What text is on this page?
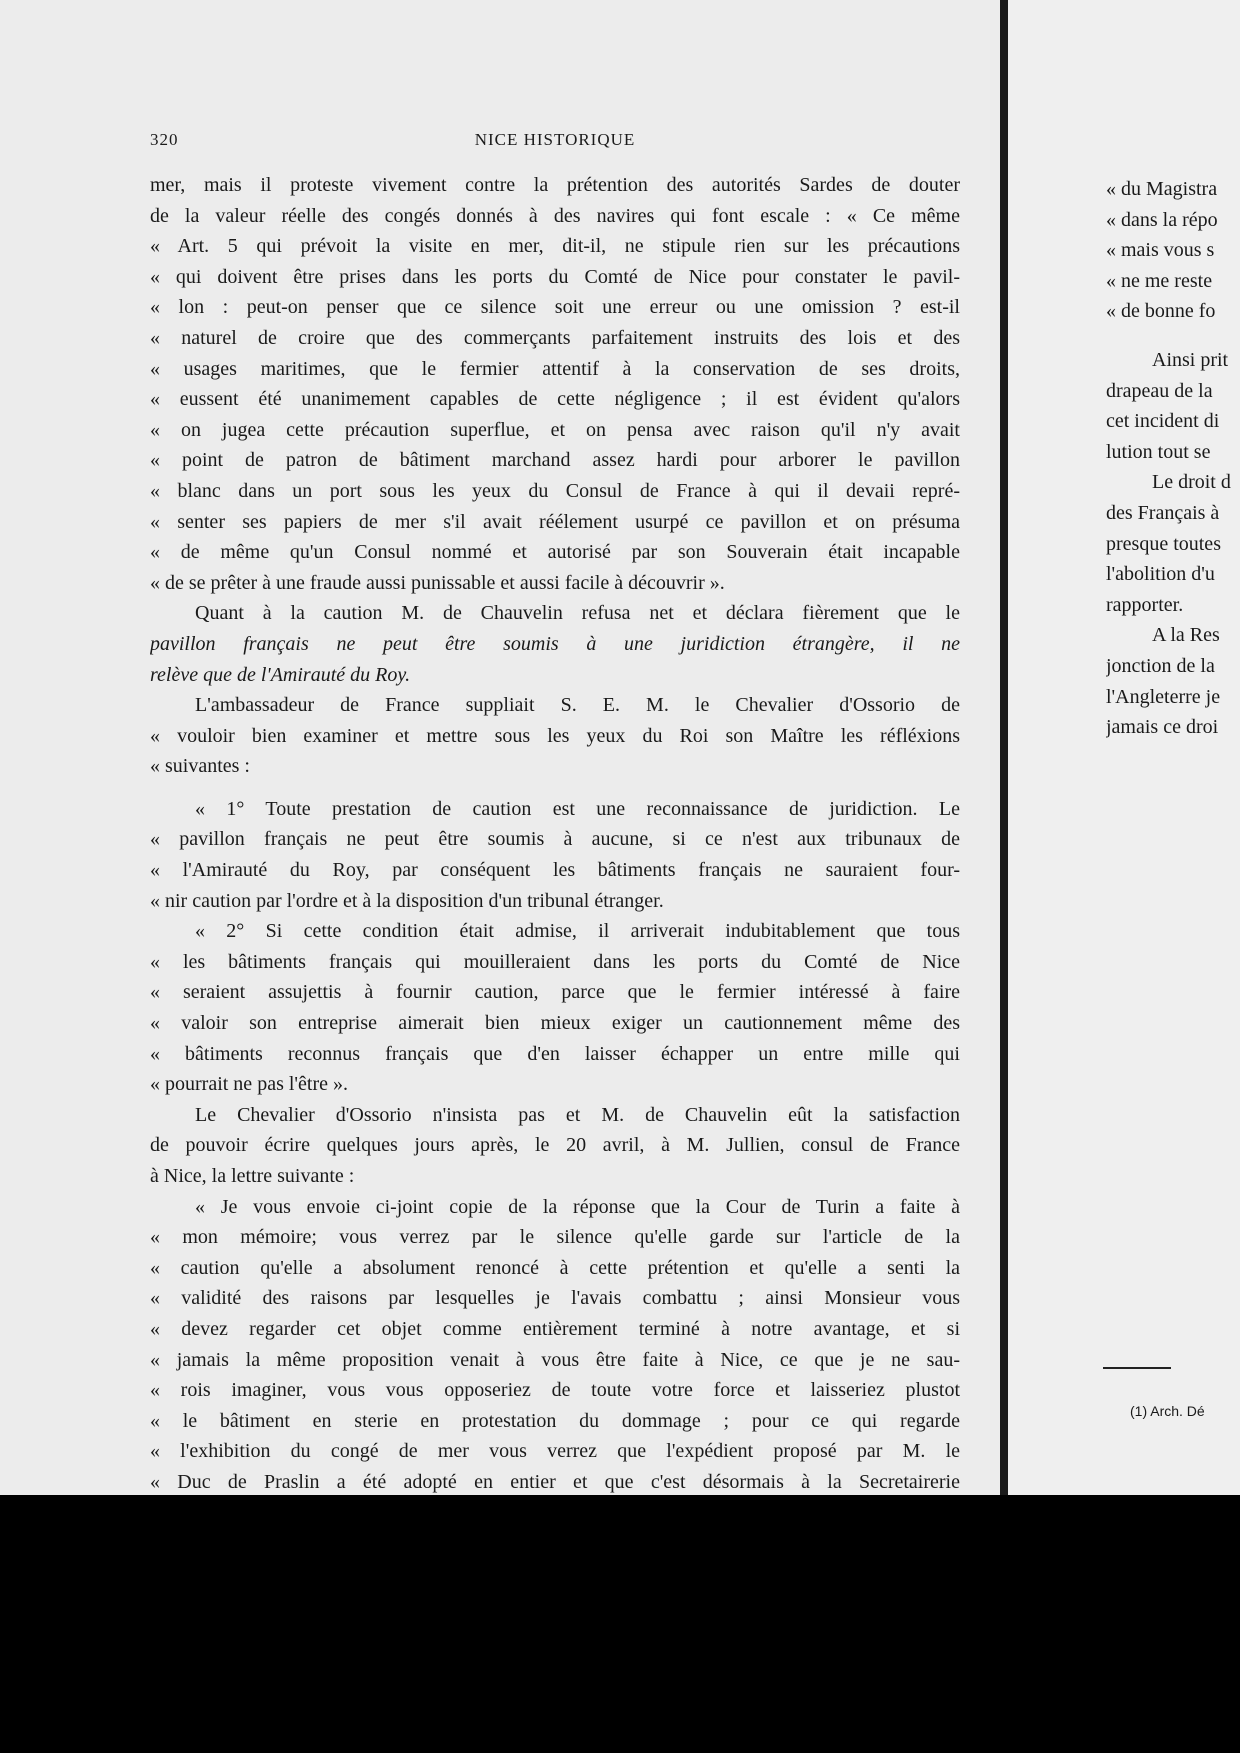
320	NICE HISTORIQUE
mer, mais il proteste vivement contre la prétention des autorités Sardes de douter
de la valeur réelle des congés donnés à des navires qui font escale : « Ce même
« Art. 5 qui prévoit la visite en mer, dit-il, ne stipule rien sur les précautions
« qui doivent être prises dans les ports du Comté de Nice pour constater le pavil-
« lon : peut-on penser que ce silence soit une erreur ou une omission ? est-il
« naturel de croire que des commerçants parfaitement instruits des lois et des
« usages maritimes, que le fermier attentif à la conservation de ses droits,
« eussent été unanimement capables de cette négligence ; il est évident qu'alors
« on jugea cette précaution superflue, et on pensa avec raison qu'il n'y avait
« point de patron de bâtiment marchand assez hardi pour arborer le pavillon
« blanc dans un port sous les yeux du Consul de France à qui il devaii repré-
« senter ses papiers de mer s'il avait réélement usurpé ce pavillon et on présuma
« de même qu'un Consul nommé et autorisé par son Souverain était incapable
« de se prêter à une fraude aussi punissable et aussi facile à découvrir ».
Quant à la caution M. de Chauvelin refusa net et déclara fièrement que le
pavillon français ne peut être soumis à une juridiction étrangère, il ne
relève que de l'Amirauté du Roy.
L'ambassadeur de France suppliait S. E. M. le Chevalier d'Ossorio de
« vouloir bien examiner et mettre sous les yeux du Roi son Maître les réfléxions
« suivantes :
« 1° Toute prestation de caution est une reconnaissance de juridiction. Le
« pavillon français ne peut être soumis à aucune, si ce n'est aux tribunaux de
« l'Amirauté du Roy, par conséquent les bâtiments français ne sauraient four-
« nir caution par l'ordre et à la disposition d'un tribunal étranger.
« 2° Si cette condition était admise, il arriverait indubitablement que tous
« les bâtiments français qui mouilleraient dans les ports du Comté de Nice
« seraient assujettis à fournir caution, parce que le fermier intéressé à faire
« valoir son entreprise aimerait bien mieux exiger un cautionnement même des
« bâtiments reconnus français que d'en laisser échapper un entre mille qui
« pourrait ne pas l'être ».
Le Chevalier d'Ossorio n'insista pas et M. de Chauvelin eût la satisfaction
de pouvoir écrire quelques jours après, le 20 avril, à M. Jullien, consul de France
à Nice, la lettre suivante :
« Je vous envoie ci-joint copie de la réponse que la Cour de Turin a faite à
« mon mémoire; vous verrez par le silence qu'elle garde sur l'article de la
« caution qu'elle a absolument renoncé à cette prétention et qu'elle a senti la
« validité des raisons par lesquelles je l'avais combattu ; ainsi Monsieur vous
« devez regarder cet objet comme entièrement terminé à notre avantage, et si
« jamais la même proposition venait à vous être faite à Nice, ce que je ne sau-
« rois imaginer, vous vous opposeriez de toute votre force et laisseriez plustot
« le bâtiment en sterie en protestation du dommage ; pour ce qui regarde
« l'exhibition du congé de mer vous verrez que l'expédient proposé par M. le
« Duc de Praslin a été adopté en entier et que c'est désormais à la Secretairerie
« du Magistra
« dans la répo
« mais vous s
« ne me reste
« de bonne fo
Ainsi prit
drapeau de la
cet incident di
lution tout se
Le droit d
des Français à
presque toutes
l'abolition d'u
rapporter.
A la Res
jonction de la
l'Angleterre je
jamais ce droi
(1) Arch. Dé
